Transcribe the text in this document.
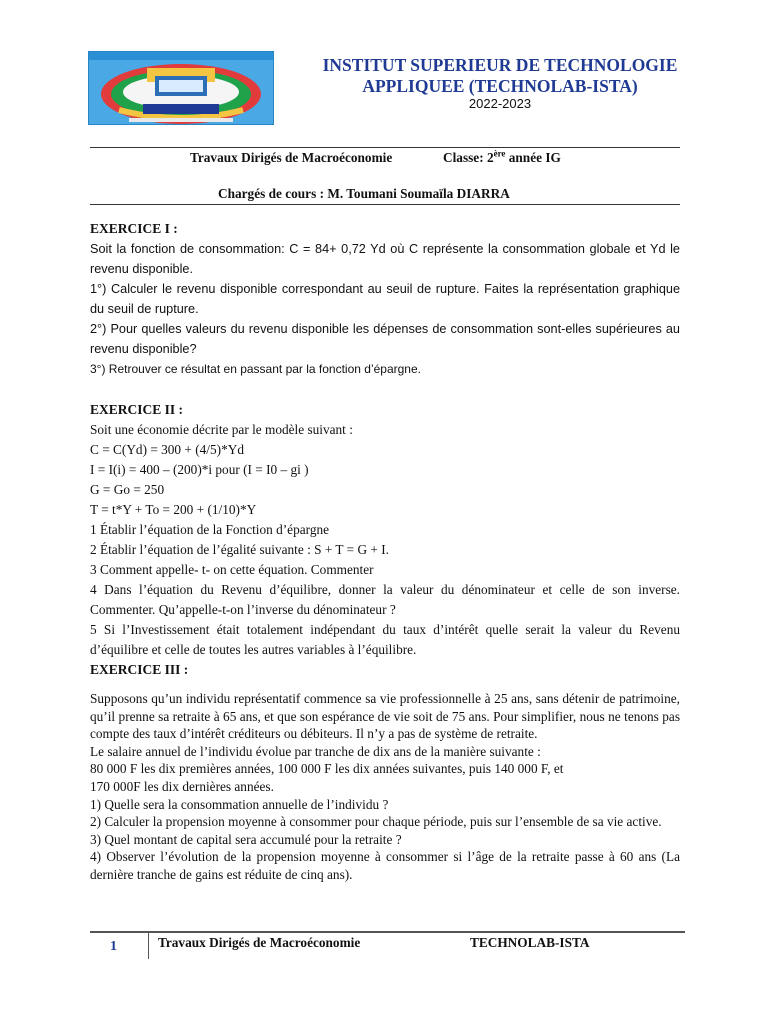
INSTITUT SUPERIEUR DE TECHNOLOGIE
APPLIQUEE (TECHNOLAB-ISTA)
2022-2023
Travaux Dirigés de Macroéconomie	Classe: 2ère année IG
Chargés de cours : M. Toumani Soumaïla DIARRA

EXERCICE I :

Soit la fonction de consommation: C = 84+ 0,72 Yd où C représente la consommation globale et Yd le revenu disponible.

1°) Calculer le revenu disponible correspondant au seuil de rupture. Faites la représentation graphique du seuil de rupture.

2°) Pour quelles valeurs du revenu disponible les dépenses de consommation sont-elles supérieures au revenu disponible?

3°) Retrouver ce résultat en passant par la fonction d’épargne.

EXERCICE II :

Soit une économie décrite par le modèle suivant :

C = C(Yd) = 300 + (4/5)*Yd

I = I(i) = 400 – (200)*i pour (I = I0 – gi )

G = Go = 250

T = t*Y + To = 200 + (1/10)*Y

1 Établir l’équation de la Fonction d’épargne

2 Établir l’équation de l’égalité suivante : S + T = G + I.

3 Comment appelle- t- on cette équation. Commenter

4 Dans l’équation du Revenu d’équilibre, donner la valeur du dénominateur et celle de son inverse. Commenter. Qu’appelle-t-on l’inverse du dénominateur ?

5 Si l’Investissement était totalement indépendant du taux d’intérêt quelle serait la valeur du Revenu d’équilibre et celle de toutes les autres variables à l’équilibre.

EXERCICE III :

Supposons qu’un individu représentatif commence sa vie professionnelle à 25 ans, sans détenir de patrimoine, qu’il prenne sa retraite à 65 ans, et que son espérance de vie soit de 75 ans. Pour simplifier, nous ne tenons pas compte des taux d’intérêt créditeurs ou débiteurs. Il n’y a pas de système de retraite.

Le salaire annuel de l’individu évolue par tranche de dix ans de la manière suivante :

80 000 F les dix premières années, 100 000 F les dix années suivantes, puis 140 000 F, et

170 000F les dix dernières années.

1) Quelle sera la consommation annuelle de l’individu ?

2) Calculer la propension moyenne à consommer pour chaque période, puis sur l’ensemble de sa vie active.

3) Quel montant de capital sera accumulé pour la retraite ?

4) Observer l’évolution de la propension moyenne à consommer si l’âge de la retraite passe à 60 ans (La dernière tranche de gains est réduite de cinq ans).

1	Travaux Dirigés de Macroéconomie	TECHNOLAB-ISTA
